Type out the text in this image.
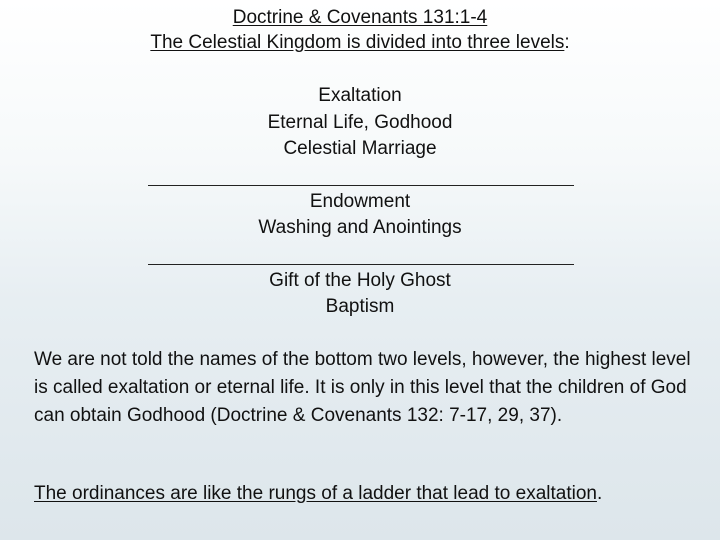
Doctrine & Covenants 131:1-4
The Celestial Kingdom is divided into three levels:
Exaltation
Eternal Life, Godhood
Celestial Marriage
Endowment
Washing and Anointings
Gift of the Holy Ghost
Baptism
We are not told the names of the bottom two levels, however, the highest level is called exaltation or eternal life. It is only in this level that the children of God can obtain Godhood (Doctrine & Covenants 132: 7-17, 29, 37).
The ordinances are like the rungs of a ladder that lead to exaltation.
